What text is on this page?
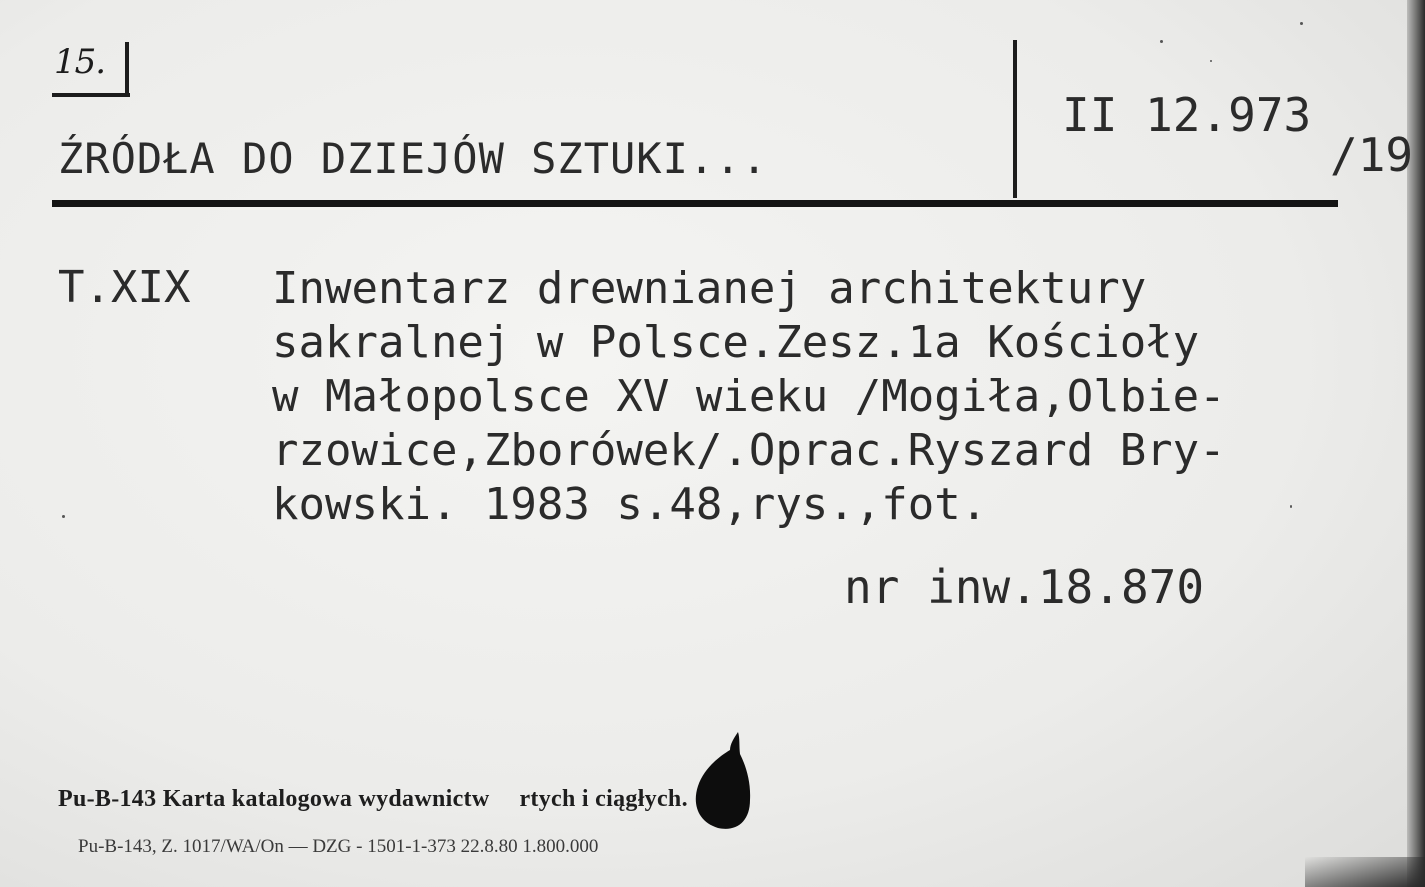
15.
ŹRÓDŁA DO DZIEJÓW SZTUKI...
II 12.973
/19
T.XIX Inwentarz drewnianej architektury
sakralnej w Polsce.Zesz.1a Kościoły
w Małopolsce XV wieku /Mogiła,Olbie-
rzowice,Zborówek/.Oprac.Ryszard Bry-
kowski. 1983 s.48,rys.,fot.
nr inw.18.870
Pu-B-143 Karta katalogowa wydawnictw rtych i ciągłych.
Pu-B-143, Z. 1017/WA/On — DZG - 1501-1-373 22.8.80 1.800.000
